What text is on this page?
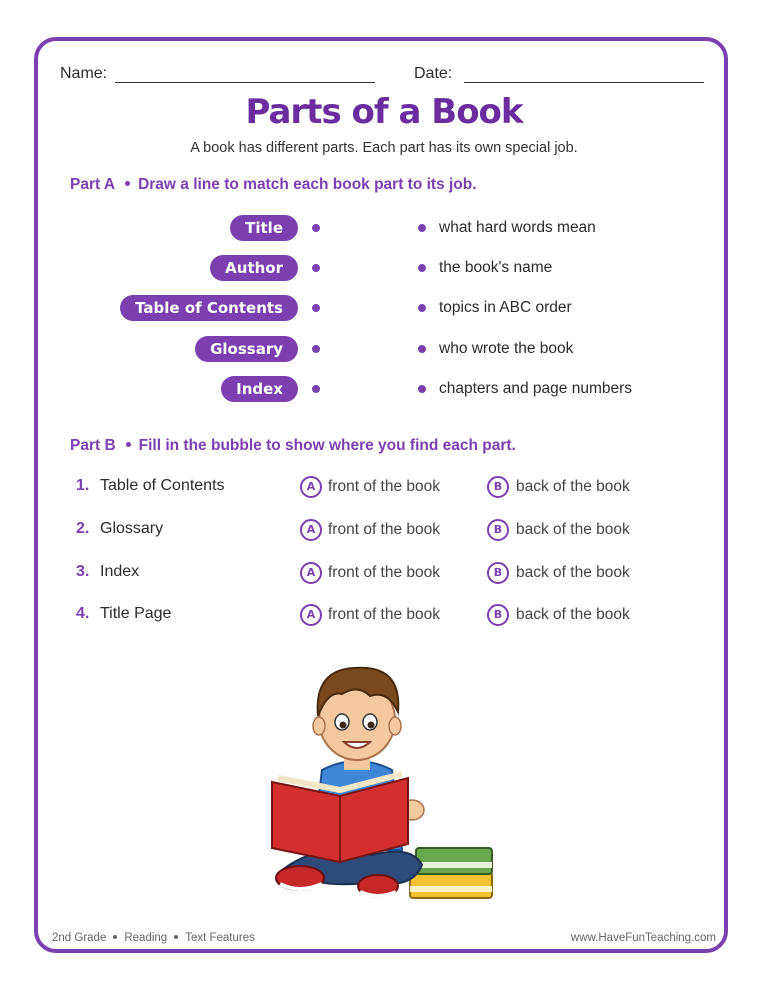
Name:	Date:
Parts of a Book
A book has different parts. Each part has its own special job.
Part A Draw a line to match each book part to its job.
Title
Author
Table of Contents
Glossary
Index
what hard words mean
the book's name
topics in ABC order
who wrote the book
chapters and page numbers
Part B Fill in the bubble to show where you find each part.
1. Table of Contents	A front of the book	B back of the book
2. Glossary	A front of the book	B back of the book
3. Index	A front of the book	B back of the book
4. Title Page	A front of the book	B back of the book
2nd Grade Reading Text Features	www.HaveFunTeaching.com
